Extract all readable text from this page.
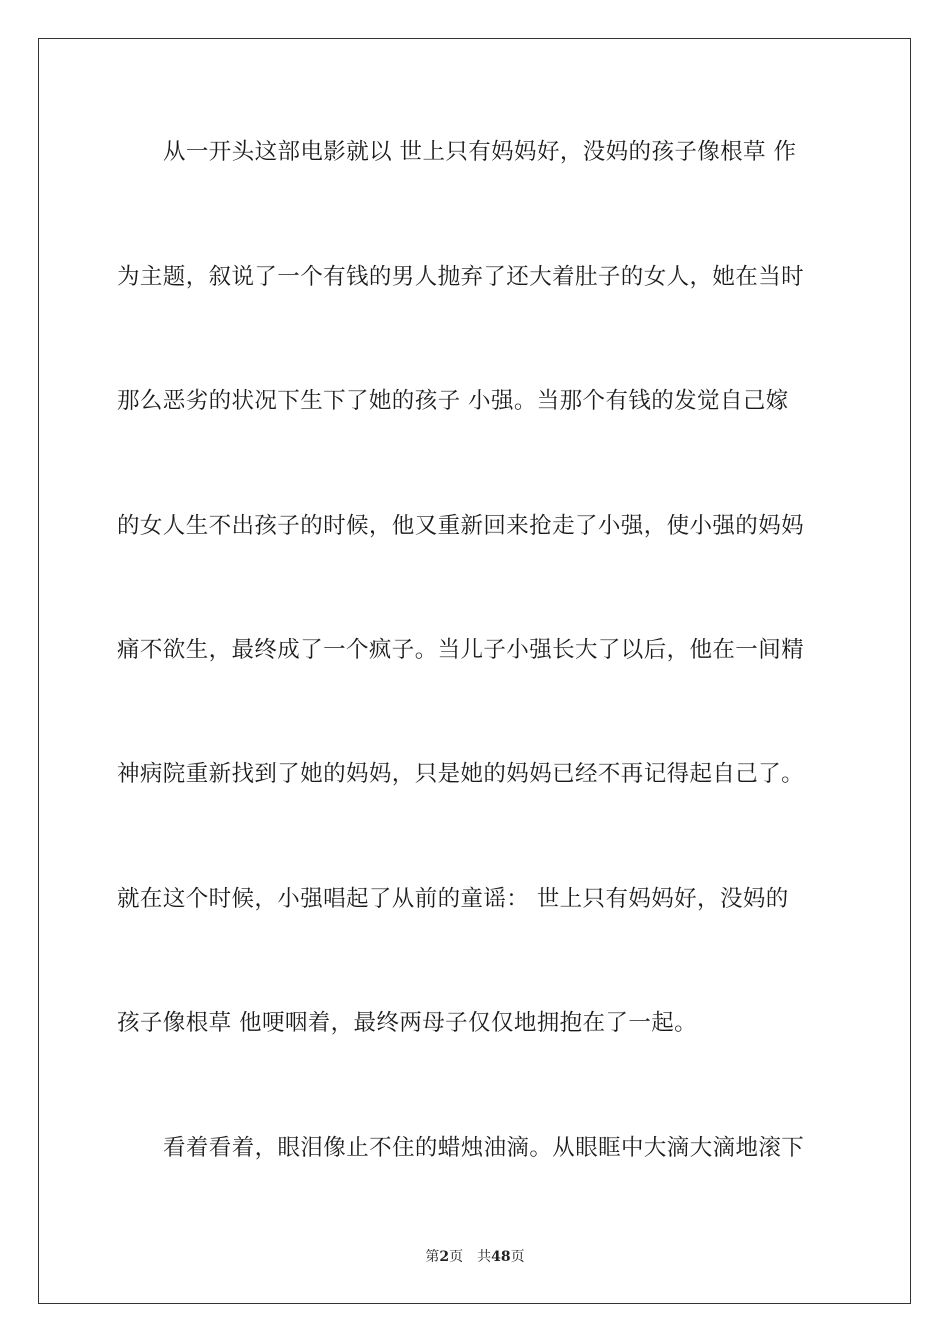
从一开头这部电影就以 世上只有妈妈好，没妈的孩子像根草 作
为主题，叙说了一个有钱的男人抛弃了还大着肚子的女人，她在当时
那么恶劣的状况下生下了她的孩子 小强。当那个有钱的发觉自己嫁
的女人生不出孩子的时候，他又重新回来抢走了小强，使小强的妈妈
痛不欲生，最终成了一个疯子。当儿子小强长大了以后，他在一间精
神病院重新找到了她的妈妈，只是她的妈妈已经不再记得起自己了。
就在这个时候，小强唱起了从前的童谣： 世上只有妈妈好，没妈的
孩子像根草 他哽咽着，最终两母子仅仅地拥抱在了一起。
看着看着，眼泪像止不住的蜡烛油滴。从眼眶中大滴大滴地滚下
第2页　共48页
